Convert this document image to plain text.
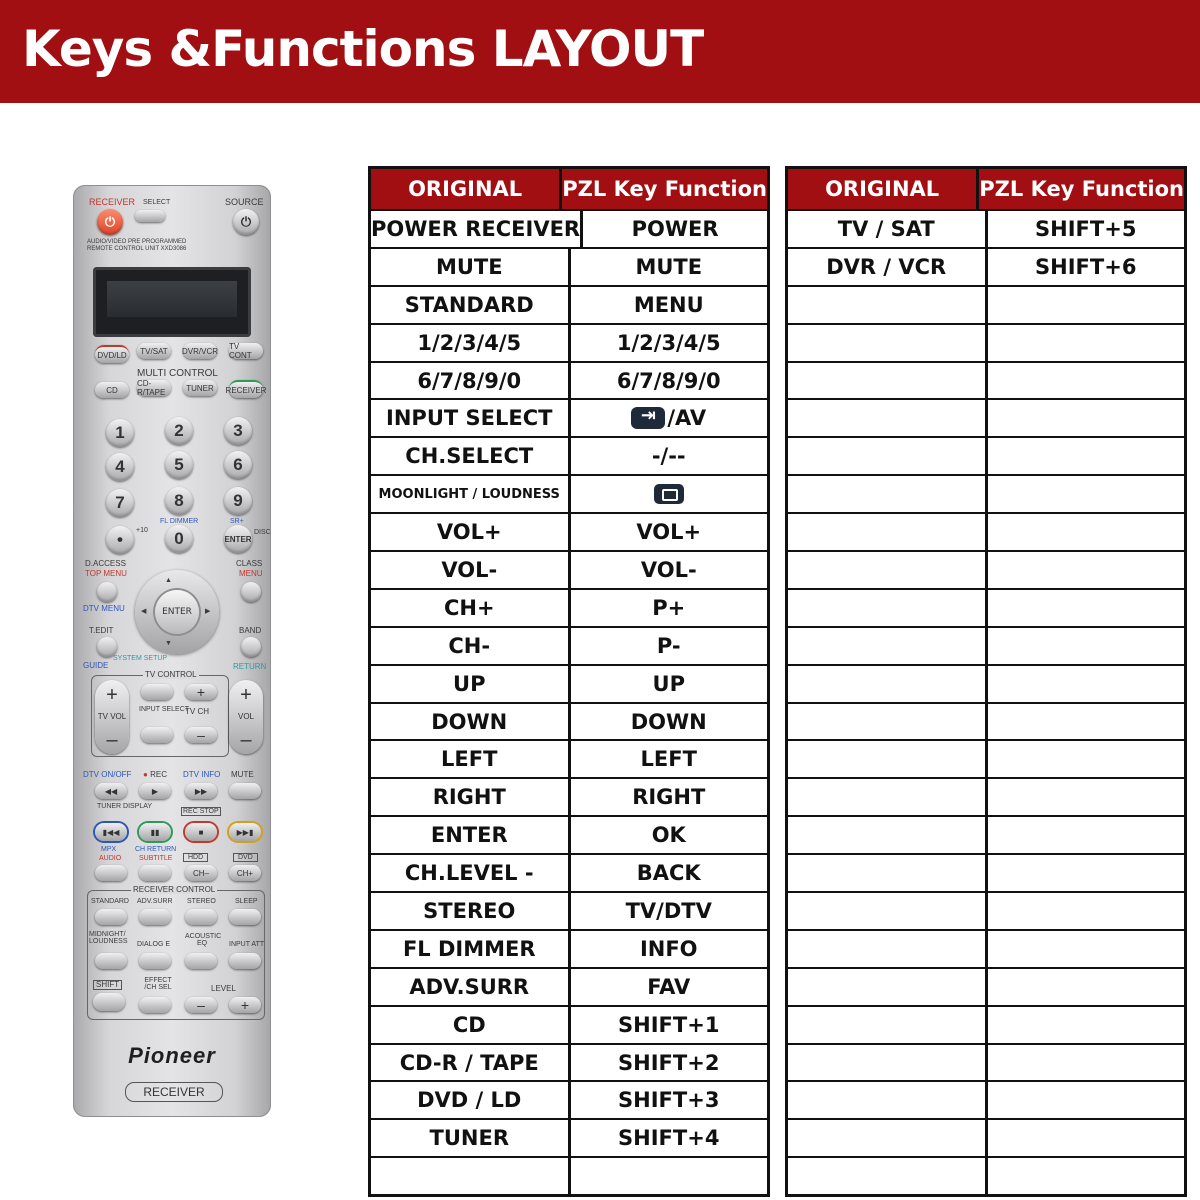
Keys &Functions LAYOUT
RECEIVER SELECT	SOURCE
⏻	⏻
AUDIO/VIDEO PRE PROGRAMMED
REMOTE CONTROL UNIT XXD3086
DVD/LD	TV/SAT	DVR/VCR TV CONT
MULTI CONTROL
CD
CD-R/TAPE	TUNER	RECEIVER
1	2	3
4	5	6
7	8	9
FL DIMMER	SR+
•	+10	0	ENTER
DISC
D.ACCESS
TOP MENU
CLASS
MENU
DTV MENU
▲
▼
◀	▶
ENTER
T.EDIT	BAND
GUIDE
SYSTEM SETUP
RETURN
TV CONTROL
+
TV VOL
–
+
INPUT SELECT
TV CH
–
+
VOL
–
DTV ON/OFF ● REC DTV INFO MUTE
◀◀	▶	▶▶
TUNER DISPLAY
REC STOP
▮◀◀	▮▮	■	▶▶▮
MPX
AUDIO
CH RETURN
SUBTITLE	HDD	DVD
CH–	CH+
RECEIVER CONTROL
STANDARD ADV.SURR STEREO	SLEEP
MIDNIGHT/ LOUDNESS DIALOG E
ACOUSTIC EQ	INPUT ATT
SHIFT	EFFECT /CH SEL	LEVEL
–	+
Pioneer
RECEIVER
ORIGINAL	PZL Key Function
POWER RECEIVER	POWER
MUTE	MUTE
STANDARD	MENU
1/2/3/4/5	1/2/3/4/5
6/7/8/9/0	6/7/8/9/0
INPUT SELECT
⇥	/AV
CH.SELECT	-/--
MOONLIGHT / LOUDNESS
VOL+	VOL+
VOL-	VOL-
CH+	P+
CH-	P-
UP	UP
DOWN	DOWN
LEFT	LEFT
RIGHT	RIGHT
ENTER	OK
CH.LEVEL -	BACK
STEREO	TV/DTV
FL DIMMER	INFO
ADV.SURR	FAV
CD	SHIFT+1
CD-R / TAPE	SHIFT+2
DVD / LD	SHIFT+3
TUNER	SHIFT+4
ORIGINAL	PZL Key Function
TV / SAT	SHIFT+5
DVR / VCR	SHIFT+6
